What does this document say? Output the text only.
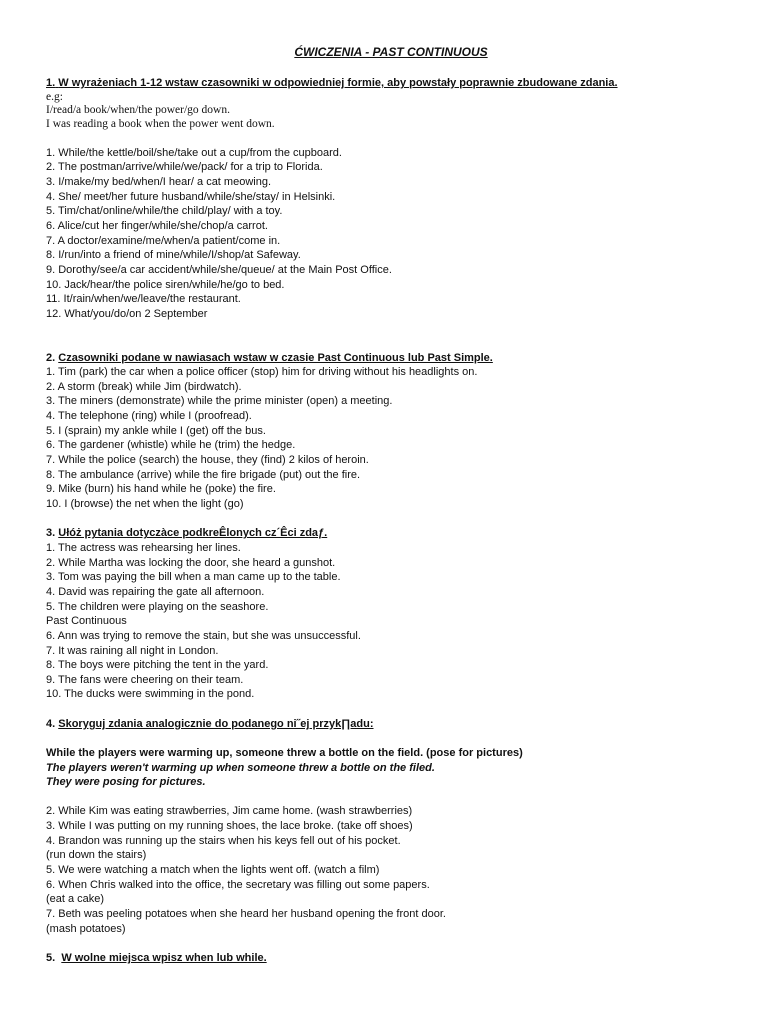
ĆWICZENIA - PAST CONTINUOUS
1. W wyrażeniach 1-12 wstaw czasowniki w odpowiedniej formie, aby powstały poprawnie zbudowane zdania.
e.g:
I/read/a book/when/the power/go down.
I was reading a book when the power went down.
1. While/the kettle/boil/she/take out a cup/from the cupboard.
2. The postman/arrive/while/we/pack/ for a trip to Florida.
3. I/make/my bed/when/I hear/ a cat meowing.
4. She/ meet/her future husband/while/she/stay/ in Helsinki.
5. Tim/chat/online/while/the child/play/ with a toy.
6. Alice/cut her finger/while/she/chop/a carrot.
7. A doctor/examine/me/when/a patient/come in.
8. I/run/into a friend of mine/while/I/shop/at Safeway.
9. Dorothy/see/a car accident/while/she/queue/ at the Main Post Office.
10. Jack/hear/the police siren/while/he/go to bed.
11. It/rain/when/we/leave/the restaurant.
12. What/you/do/on 2 September
2. Czasowniki podane w nawiasach wstaw w czasie Past Continuous lub Past Simple.
1. Tim (park) the car when a police officer (stop) him for driving without his headlights on.
2. A storm (break) while Jim (birdwatch).
3. The miners (demonstrate) while the prime minister (open) a meeting.
4. The telephone (ring) while I (proofread).
5. I (sprain) my ankle while I (get) off the bus.
6. The gardener (whistle) while he (trim) the hedge.
7. While the police (search) the house, they (find) 2 kilos of heroin.
8. The ambulance (arrive) while the fire brigade (put) out the fire.
9. Mike (burn) his hand while he (poke) the fire.
10. I (browse) the net when the light (go)
3. Ułóż pytania dotyczàce podkreÊlonych cz´Êci zdaƒ.
1. The actress was rehearsing her lines.
2. While Martha was locking the door, she heard a gunshot.
3. Tom was paying the bill when a man came up to the table.
4. David was repairing the gate all afternoon.
5. The children were playing on the seashore.
Past Continuous
6. Ann was trying to remove the stain, but she was unsuccessful.
7. It was raining all night in London.
8. The boys were pitching the tent in the yard.
9. The fans were cheering on their team.
10. The ducks were swimming in the pond.
4. Skoryguj zdania analogicznie do podanego ni˝ej przyk∏adu:
While the players were warming up, someone threw a bottle on the field. (pose for pictures)
The players weren't warming up when someone threw a bottle on the filed.
They were posing for pictures.
2. While Kim was eating strawberries, Jim came home. (wash strawberries)
3. While I was putting on my running shoes, the lace broke. (take off shoes)
4. Brandon was running up the stairs when his keys fell out of his pocket.
(run down the stairs)
5. We were watching a match when the lights went off. (watch a film)
6. When Chris walked into the office, the secretary was filling out some papers.
(eat a cake)
7. Beth was peeling potatoes when she heard her husband opening the front door.
(mash potatoes)
5. W wolne miejsca wpisz when lub while.
